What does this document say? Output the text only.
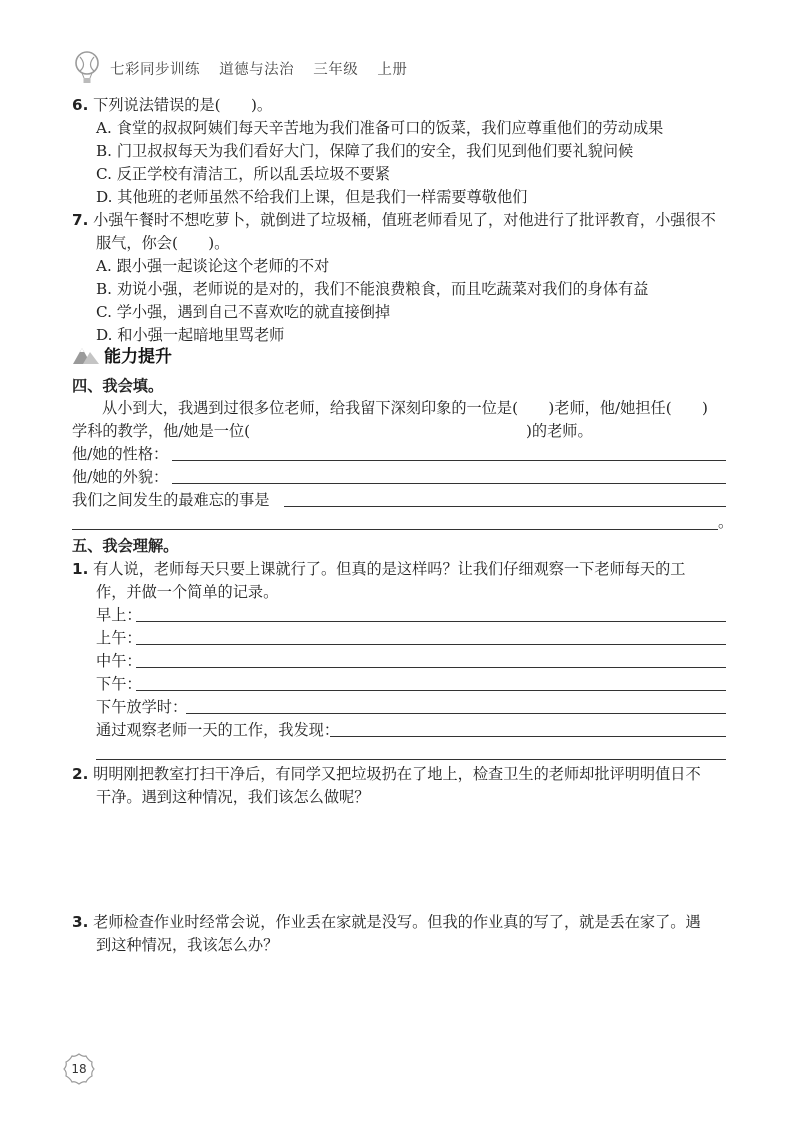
七彩同步训练 道德与法治 三年级 上册
6. 下列说法错误的是(　　)。
A. 食堂的叔叔阿姨们每天辛苦地为我们准备可口的饭菜，我们应尊重他们的劳动成果
B. 门卫叔叔每天为我们看好大门，保障了我们的安全，我们见到他们要礼貌问候
C. 反正学校有清洁工，所以乱丢垃圾不要紧
D. 其他班的老师虽然不给我们上课，但是我们一样需要尊敬他们
7. 小强午餐时不想吃萝卜，就倒进了垃圾桶，值班老师看见了，对他进行了批评教育，小强很不
服气，你会(　　)。
A. 跟小强一起谈论这个老师的不对
B. 劝说小强，老师说的是对的，我们不能浪费粮食，而且吃蔬菜对我们的身体有益
C. 学小强，遇到自己不喜欢吃的就直接倒掉
D. 和小强一起暗地里骂老师
能力提升
四、我会填。
从小到大，我遇到过很多位老师，给我留下深刻印象的一位是(　　)老师，他/她担任(　　)
学科的教学，他/她是一位(	)的老师。
他/她的性格：
他/她的外貌：
我们之间发生的最难忘的事是
。
五、我会理解。
1. 有人说，老师每天只要上课就行了。但真的是这样吗？让我们仔细观察一下老师每天的工
作，并做一个简单的记录。
早上：
上午：
中午：
下午：
下午放学时：
通过观察老师一天的工作，我发现：
2. 明明刚把教室打扫干净后，有同学又把垃圾扔在了地上，检查卫生的老师却批评明明值日不
干净。遇到这种情况，我们该怎么做呢？
3. 老师检查作业时经常会说，作业丢在家就是没写。但我的作业真的写了，就是丢在家了。遇
到这种情况，我该怎么办？
18
